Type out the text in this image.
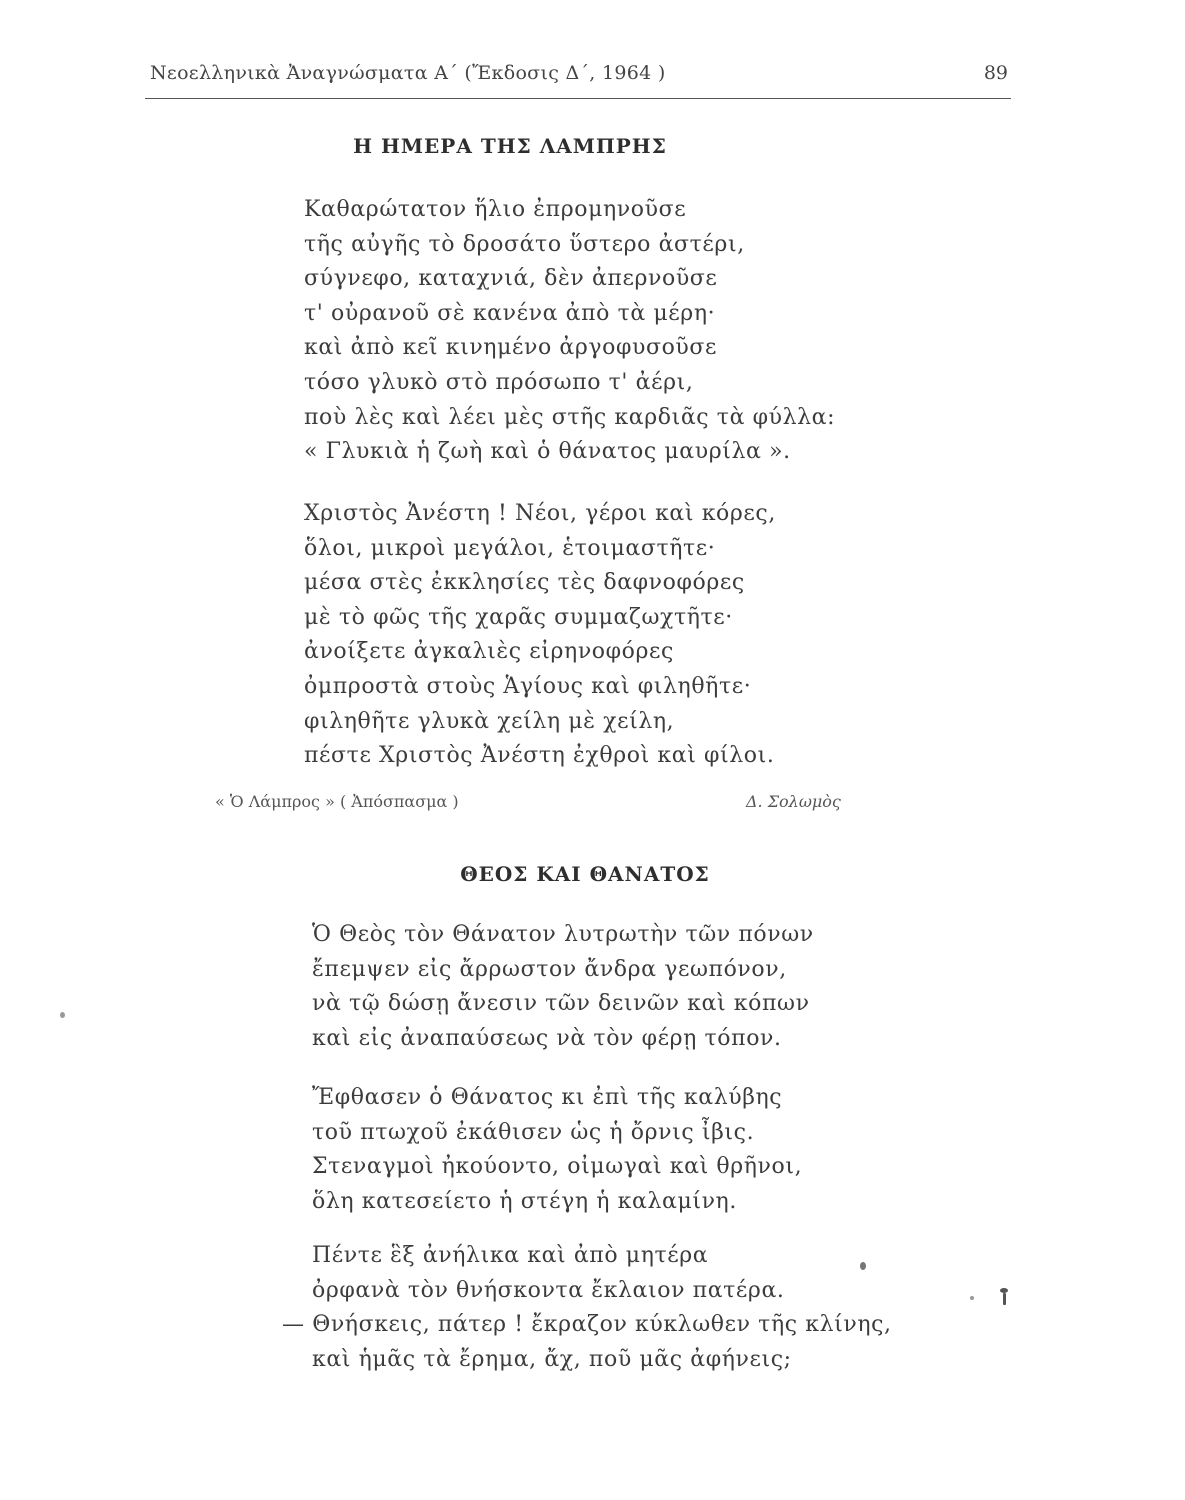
Νεοελληνικὰ Ἀναγνώσματα Α΄ (Ἔκδοσις Δ΄, 1964 )	89
Η ΗΜΕΡΑ ΤΗΣ ΛΑΜΠΡΗΣ
Καθαρώτατον ἥλιο ἐπρομηνοῦσε
τῆς αὐγῆς τὸ δροσάτο ὕστερο ἀστέρι,
σύγνεφο, καταχνιά, δὲν ἀπερνοῦσε
τ' οὐρανοῦ σὲ κανένα ἀπὸ τὰ μέρη·
καὶ ἀπὸ κεῖ κινημένο ἀργοφυσοῦσε
τόσο γλυκὸ στὸ πρόσωπο τ' ἀέρι,
ποὺ λὲς καὶ λέει μὲς στῆς καρδιᾶς τὰ φύλλα:
« Γλυκιὰ ἡ ζωὴ καὶ ὁ θάνατος μαυρίλα ».
Χριστὸς Ἀνέστη ! Νέοι, γέροι καὶ κόρες,
ὅλοι, μικροὶ μεγάλοι, ἑτοιμαστῆτε·
μέσα στὲς ἐκκλησίες τὲς δαφνοφόρες
μὲ τὸ φῶς τῆς χαρᾶς συμμαζωχτῆτε·
ἀνοίξετε ἀγκαλιὲς εἰρηνοφόρες
ὀμπροστὰ στοὺς Ἁγίους καὶ φιληθῆτε·
φιληθῆτε γλυκὰ χείλη μὲ χείλη,
πέστε Χριστὸς Ἀνέστη ἐχθροὶ καὶ φίλοι.
« Ὁ Λάμπρος » ( Ἀπόσπασμα )	Δ. Σολωμὸς
ΘΕΟΣ ΚΑΙ ΘΑΝΑΤΟΣ
Ὁ Θεὸς τὸν Θάνατον λυτρωτὴν τῶν πόνων
ἔπεμψεν εἰς ἄρρωστον ἄνδρα γεωπόνον,
νὰ τῷ δώσῃ ἄνεσιν τῶν δεινῶν καὶ κόπων
καὶ εἰς ἀναπαύσεως νὰ τὸν φέρῃ τόπον.
Ἔφθασεν ὁ Θάνατος κι ἐπὶ τῆς καλύβης
τοῦ πτωχοῦ ἐκάθισεν ὡς ἡ ὄρνις ἶβις.
Στεναγμοὶ ἠκούοντο, οἰμωγαὶ καὶ θρῆνοι,
ὅλη κατεσείετο ἡ στέγη ἡ καλαμίνη.
Πέντε ἓξ ἀνήλικα καὶ ἀπὸ μητέρα
ὀρφανὰ τὸν θνήσκοντα ἔκλαιον πατέρα.
— Θνήσκεις, πάτερ ! ἔκραζον κύκλωθεν τῆς κλίνης,
καὶ ἡμᾶς τὰ ἔρημα, ἄχ, ποῦ μᾶς ἀφήνεις;
